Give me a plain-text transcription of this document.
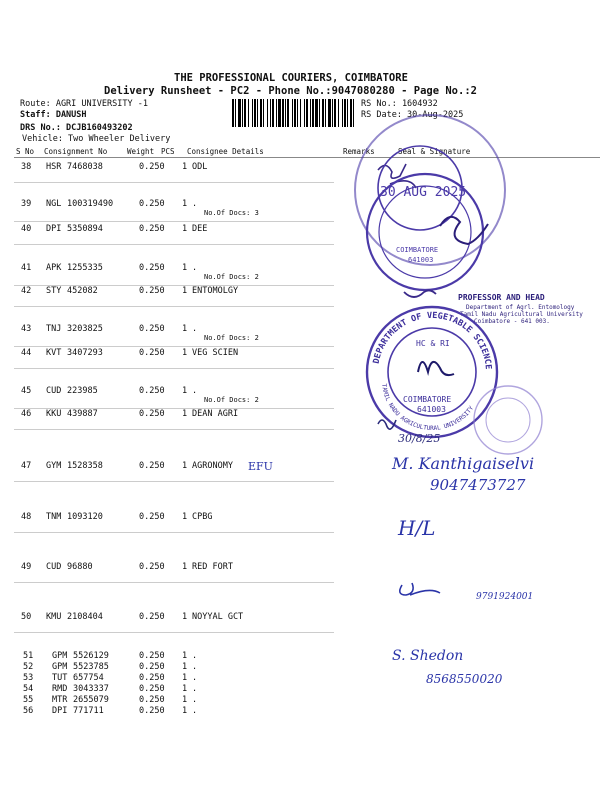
THE PROFESSIONAL COURIERS, COIMBATORE
Delivery Runsheet - PC2 - Phone No.:9047080280 - Page No.:2
Route: AGRI UNIVERSITY -1
Staff: DANUSH
DRS No.: DCJB160493202
Vehicle: Two Wheeler Delivery
RS No.: 1604932
RS Date: 30-Aug-2025
S No Consignment No	Weight PCS Consignee Details	Remarks	Seal & Signature
38 HSR 7468038	0.250 1 ODL
39 NGL 100319490	0.250 1 .
No.Of Docs: 3
40 DPI 5350894	0.250 1 DEE
41 APK 1255335	0.250 1 .
No.Of Docs: 2
42 STY 452082	0.250 1 ENTOMOLGY
43 TNJ 3203825	0.250 1 .
No.Of Docs: 2
44 KVT 3407293	0.250 1 VEG SCIEN
45 CUD 223985	0.250 1 .
No.Of Docs: 2
46 KKU 439887	0.250 1 DEAN AGRI
47 GYM 1528358	0.250 1 AGRONOMY
48 TNM 1093120	0.250 1 CPBG
49 CUD 96880	0.250 1 RED FORT
50 KMU 2108404	0.250 1 NOYYAL GCT
51 GPM 5526129	0.250 1 .
52 GPM 5523785	0.250 1 .
53 TUT 657754	0.250 1 .
54 RMD 3043337	0.250 1 .
55 MTR 2655079	0.250 1 .
56 DPI 771711	0.250 1 .
30 AUG 2025
COIMBATORE
641003
PROFESSOR AND HEAD
Department of Agrl. Entomology
Tamil Nadu Agricultural University
Coimbatore - 641 003.
DEPARTMENT OF VEGETABLE SCIENCE
TAMIL NADU AGRICULTURAL UNIVERSITY
HC & RI
COIMBATORE
641003
30/8/25
EFU	M. Kanthigaiselvi
9047473727
H/L
9791924001
S. Shedon
8568550020
